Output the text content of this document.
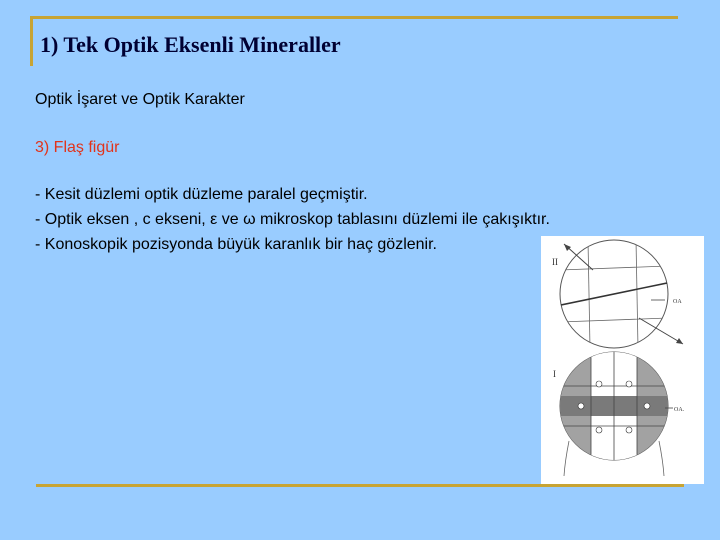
1) Tek Optik Eksenli Mineraller
Optik İşaret ve Optik Karakter
3) Flaş figür
- Kesit düzlemi optik düzleme paralel geçmiştir.
- Optik eksen , c ekseni, ε ve ω mikroskop tablasını düzlemi ile çakışıktır.
- Konoskopik pozisyonda büyük karanlık bir haç gözlenir.
II
OA
I
OA.
